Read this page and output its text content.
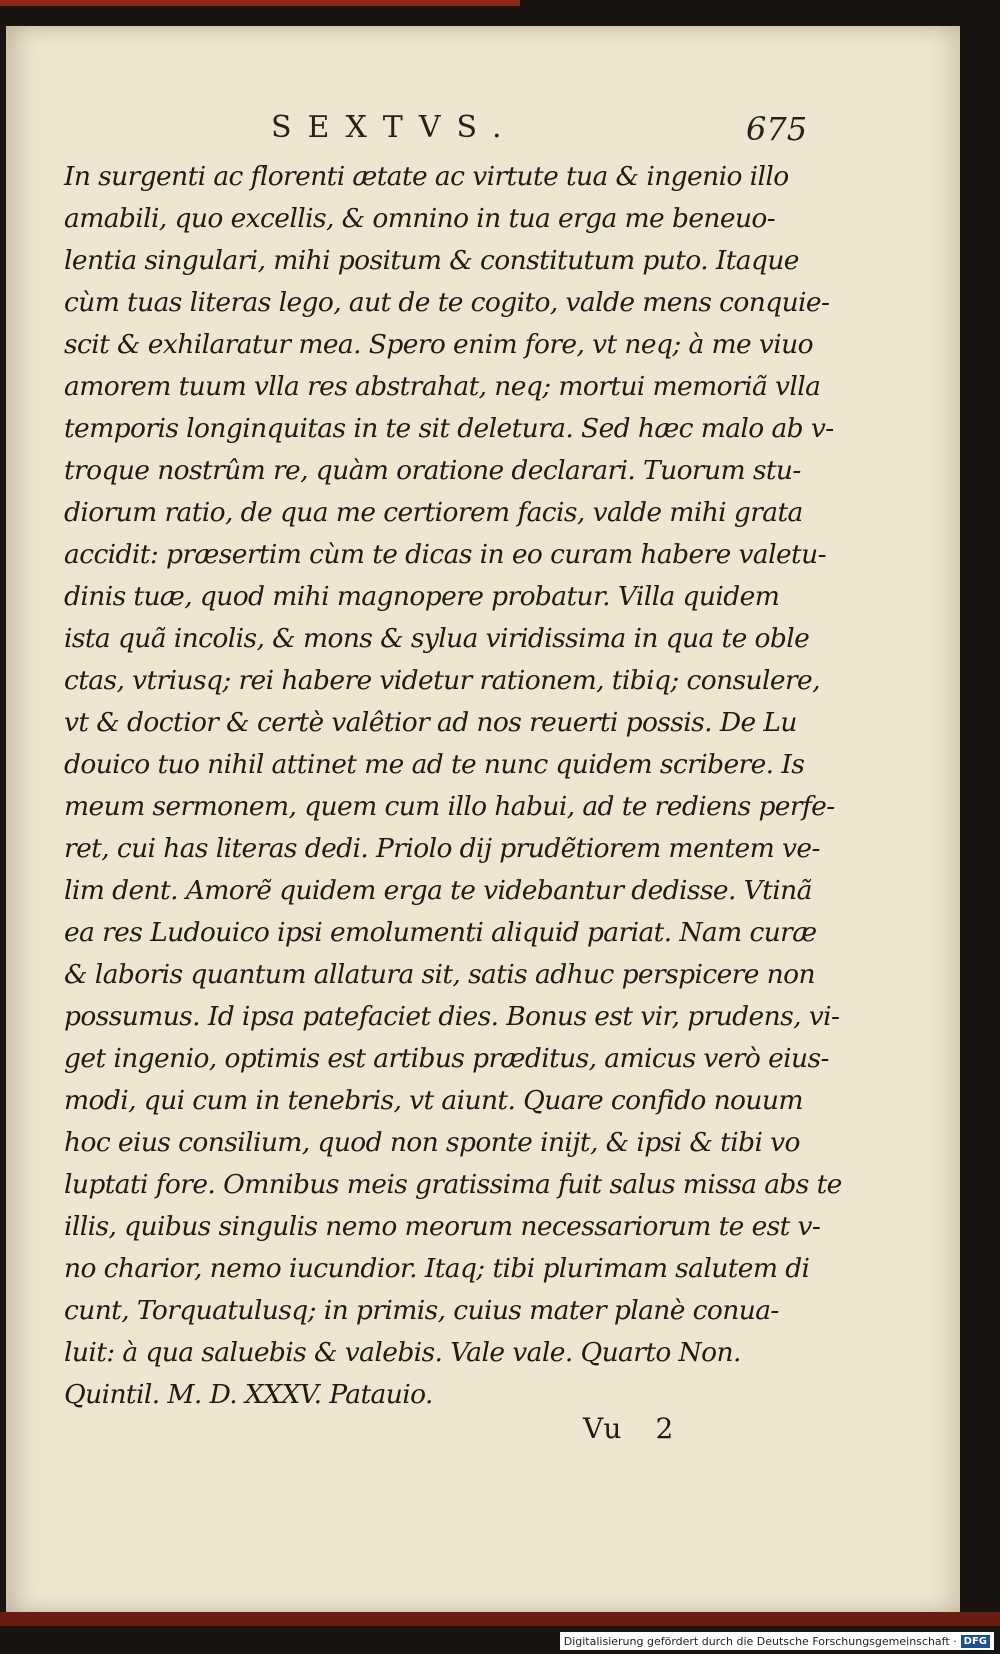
SEXTVS.	675
In surgenti ac florenti ætate ac virtute tua & ingenio illo
amabili, quo excellis, & omnino in tua erga me beneuo-
lentia singulari, mihi positum & constitutum puto. Itaque
cùm tuas literas lego, aut de te cogito, valde mens conquie-
scit & exhilaratur mea. Spero enim fore, vt neq; à me viuo
amorem tuum vlla res abstrahat, neq; mortui memoriã vlla
temporis longinquitas in te sit deletura. Sed hæc malo ab v-
troque nostrûm re, quàm oratione declarari. Tuorum stu-
diorum ratio, de qua me certiorem facis, valde mihi grata
accidit: præsertim cùm te dicas in eo curam habere valetu-
dinis tuæ, quod mihi magnopere probatur. Villa quidem
ista quã incolis, & mons & sylua viridissima in qua te oble
ctas, vtriusq; rei habere videtur rationem, tibiq; consulere,
vt & doctior & certè valêtior ad nos reuerti possis. De Lu
douico tuo nihil attinet me ad te nunc quidem scribere. Is
meum sermonem, quem cum illo habui, ad te rediens perfe-
ret, cui has literas dedi. Priolo dij prudẽtiorem mentem ve-
lim dent. Amorẽ quidem erga te videbantur dedisse. Vtinã
ea res Ludouico ipsi emolumenti aliquid pariat. Nam curæ
& laboris quantum allatura sit, satis adhuc perspicere non
possumus. Id ipsa patefaciet dies. Bonus est vir, prudens, vi-
get ingenio, optimis est artibus præditus, amicus verò eius-
modi, qui cum in tenebris, vt aiunt. Quare confido nouum
hoc eius consilium, quod non sponte inijt, & ipsi & tibi vo
luptati fore. Omnibus meis gratissima fuit salus missa abs te
illis, quibus singulis nemo meorum necessariorum te est v-
no charior, nemo iucundior. Itaq; tibi plurimam salutem di
cunt, Torquatulusq; in primis, cuius mater planè conua-
luit: à qua saluebis & valebis. Vale vale. Quarto Non.
Quintil. M. D. XXXV. Patauio.
Vu 2
Digitalisierung gefördert durch die Deutsche Forschungsgemeinschaft · DFG
